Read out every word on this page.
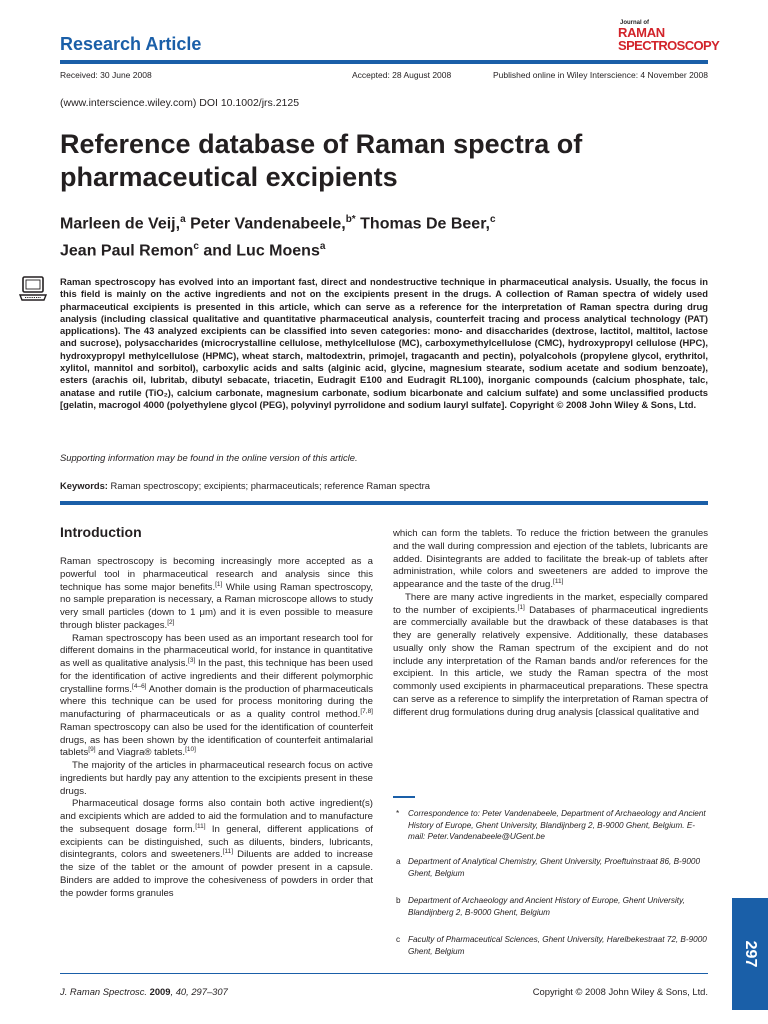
Research Article
Journal of
RAMAN
SPECTROSCOPY
Received: 30 June 2008	Accepted: 28 August 2008	Published online in Wiley Interscience: 4 November 2008
(www.interscience.wiley.com) DOI 10.1002/jrs.2125
Reference database of Raman spectra of pharmaceutical excipients
Marleen de Veij,$^a$ Peter Vandenabeele,$^{b*}$ Thomas De Beer,$^c$
Jean Paul Remon$^c$ and Luc Moens$^a$

Raman spectroscopy has evolved into an important fast, direct and nondestructive technique in pharmaceutical analysis. Usually, the focus in this field is mainly on the active ingredients and not on the excipients present in the drugs. A collection of Raman spectra of widely used pharmaceutical excipients is presented in this article, which can serve as a reference for the interpretation of Raman spectra during drug analysis (including classical qualitative and quantitative pharmaceutical analysis, counterfeit tracing and process analytical technology (PAT) applications). The 43 analyzed excipients can be classified into seven categories: mono- and disaccharides (dextrose, lactitol, maltitol, lactose and sucrose), polysaccharides (microcrystalline cellulose, methylcellulose (MC), carboxymethylcellulose (CMC), hydroxypropyl cellulose (HPC), hydroxypropyl methylcellulose (HPMC), wheat starch, maltodextrin, primojel, tragacanth and pectin), polyalcohols (propylene glycol, erythritol, xylitol, mannitol and sorbitol), carboxylic acids and salts (alginic acid, glycine, magnesium stearate, sodium acetate and sodium benzoate), esters (arachis oil, lubritab, dibutyl sebacate, triacetin, Eudragit E100 and Eudragit RL100), inorganic compounds (calcium phosphate, talc, anatase and rutile (TiO₂), calcium carbonate, magnesium carbonate, sodium bicarbonate and calcium sulfate) and some unclassified products [gelatin, macrogol 4000 (polyethylene glycol (PEG), polyvinyl pyrrolidone and sodium lauryl sulfate]. Copyright © 2008 John Wiley & Sons, Ltd.

Supporting information may be found in the online version of this article.

Keywords: Raman spectroscopy; excipients; pharmaceuticals; reference Raman spectra

Introduction

Raman spectroscopy is becoming increasingly more accepted as a powerful tool in pharmaceutical research and analysis since this technique has some major benefits.[1] While using Raman spectroscopy, no sample preparation is necessary, a Raman microscope allows to study very small particles (down to 1 μm) and it is even possible to measure through blister packages.[2]

Raman spectroscopy has been used as an important research tool for different domains in the pharmaceutical world, for instance in quantitative as well as qualitative analysis.[3] In the past, this technique has been used for the identification of active ingredients and their different polymorphic crystalline forms.[4–6] Another domain is the production of pharmaceuticals where this technique can be used for process monitoring during the manufacturing of pharmaceuticals or as a quality control method.[7,8] Raman spectroscopy can also be used for the identification of counterfeit drugs, as has been shown by the identification of counterfeit antimalarial tablets[9] and Viagra® tablets.[10]

The majority of the articles in pharmaceutical research focus on active ingredients but hardly pay any attention to the excipients present in these drugs.

Pharmaceutical dosage forms also contain both active ingredient(s) and excipients which are added to aid the formulation and to manufacture the subsequent dosage form.[11] In general, different applications of excipients can be distinguished, such as diluents, binders, lubricants, disintegrants, colors and sweeteners.[11] Diluents are added to increase the size of the tablet or the amount of powder present in a capsule. Binders are added to improve the cohesiveness of powders in order that the powder forms granules

which can form the tablets. To reduce the friction between the granules and the wall during compression and ejection of the tablets, lubricants are added. Disintegrants are added to facilitate the break-up of tablets after administration, while colors and sweeteners are added to improve the appearance and the taste of the drug.[11]

There are many active ingredients in the market, especially compared to the number of excipients.[1] Databases of pharmaceutical ingredients are commercially available but the drawback of these databases is that they are generally relatively expensive. Additionally, these databases usually only show the Raman spectrum of the excipient and do not include any interpretation of the Raman bands and/or references for the excipient. In this article, we study the Raman spectra of the most commonly used excipients in pharmaceutical preparations. These spectra can serve as a reference to simplify the interpretation of Raman spectra of different drug formulations during drug analysis [classical qualitative and

* Correspondence to: Peter Vandenabeele, Department of Archaeology and Ancient History of Europe, Ghent University, Blandijnberg 2, B-9000 Ghent, Belgium. E-mail: Peter.Vandenabeele@UGent.be
a Department of Analytical Chemistry, Ghent University, Proeftuinstraat 86, B-9000 Ghent, Belgium
b Department of Archaeology and Ancient History of Europe, Ghent University, Blandijnberg 2, B-9000 Ghent, Belgium
c Faculty of Pharmaceutical Sciences, Ghent University, Harelbekestraat 72, B-9000 Ghent, Belgium
J. Raman Spectrosc. 2009, 40, 297–307	Copyright © 2008 John Wiley & Sons, Ltd.
297
